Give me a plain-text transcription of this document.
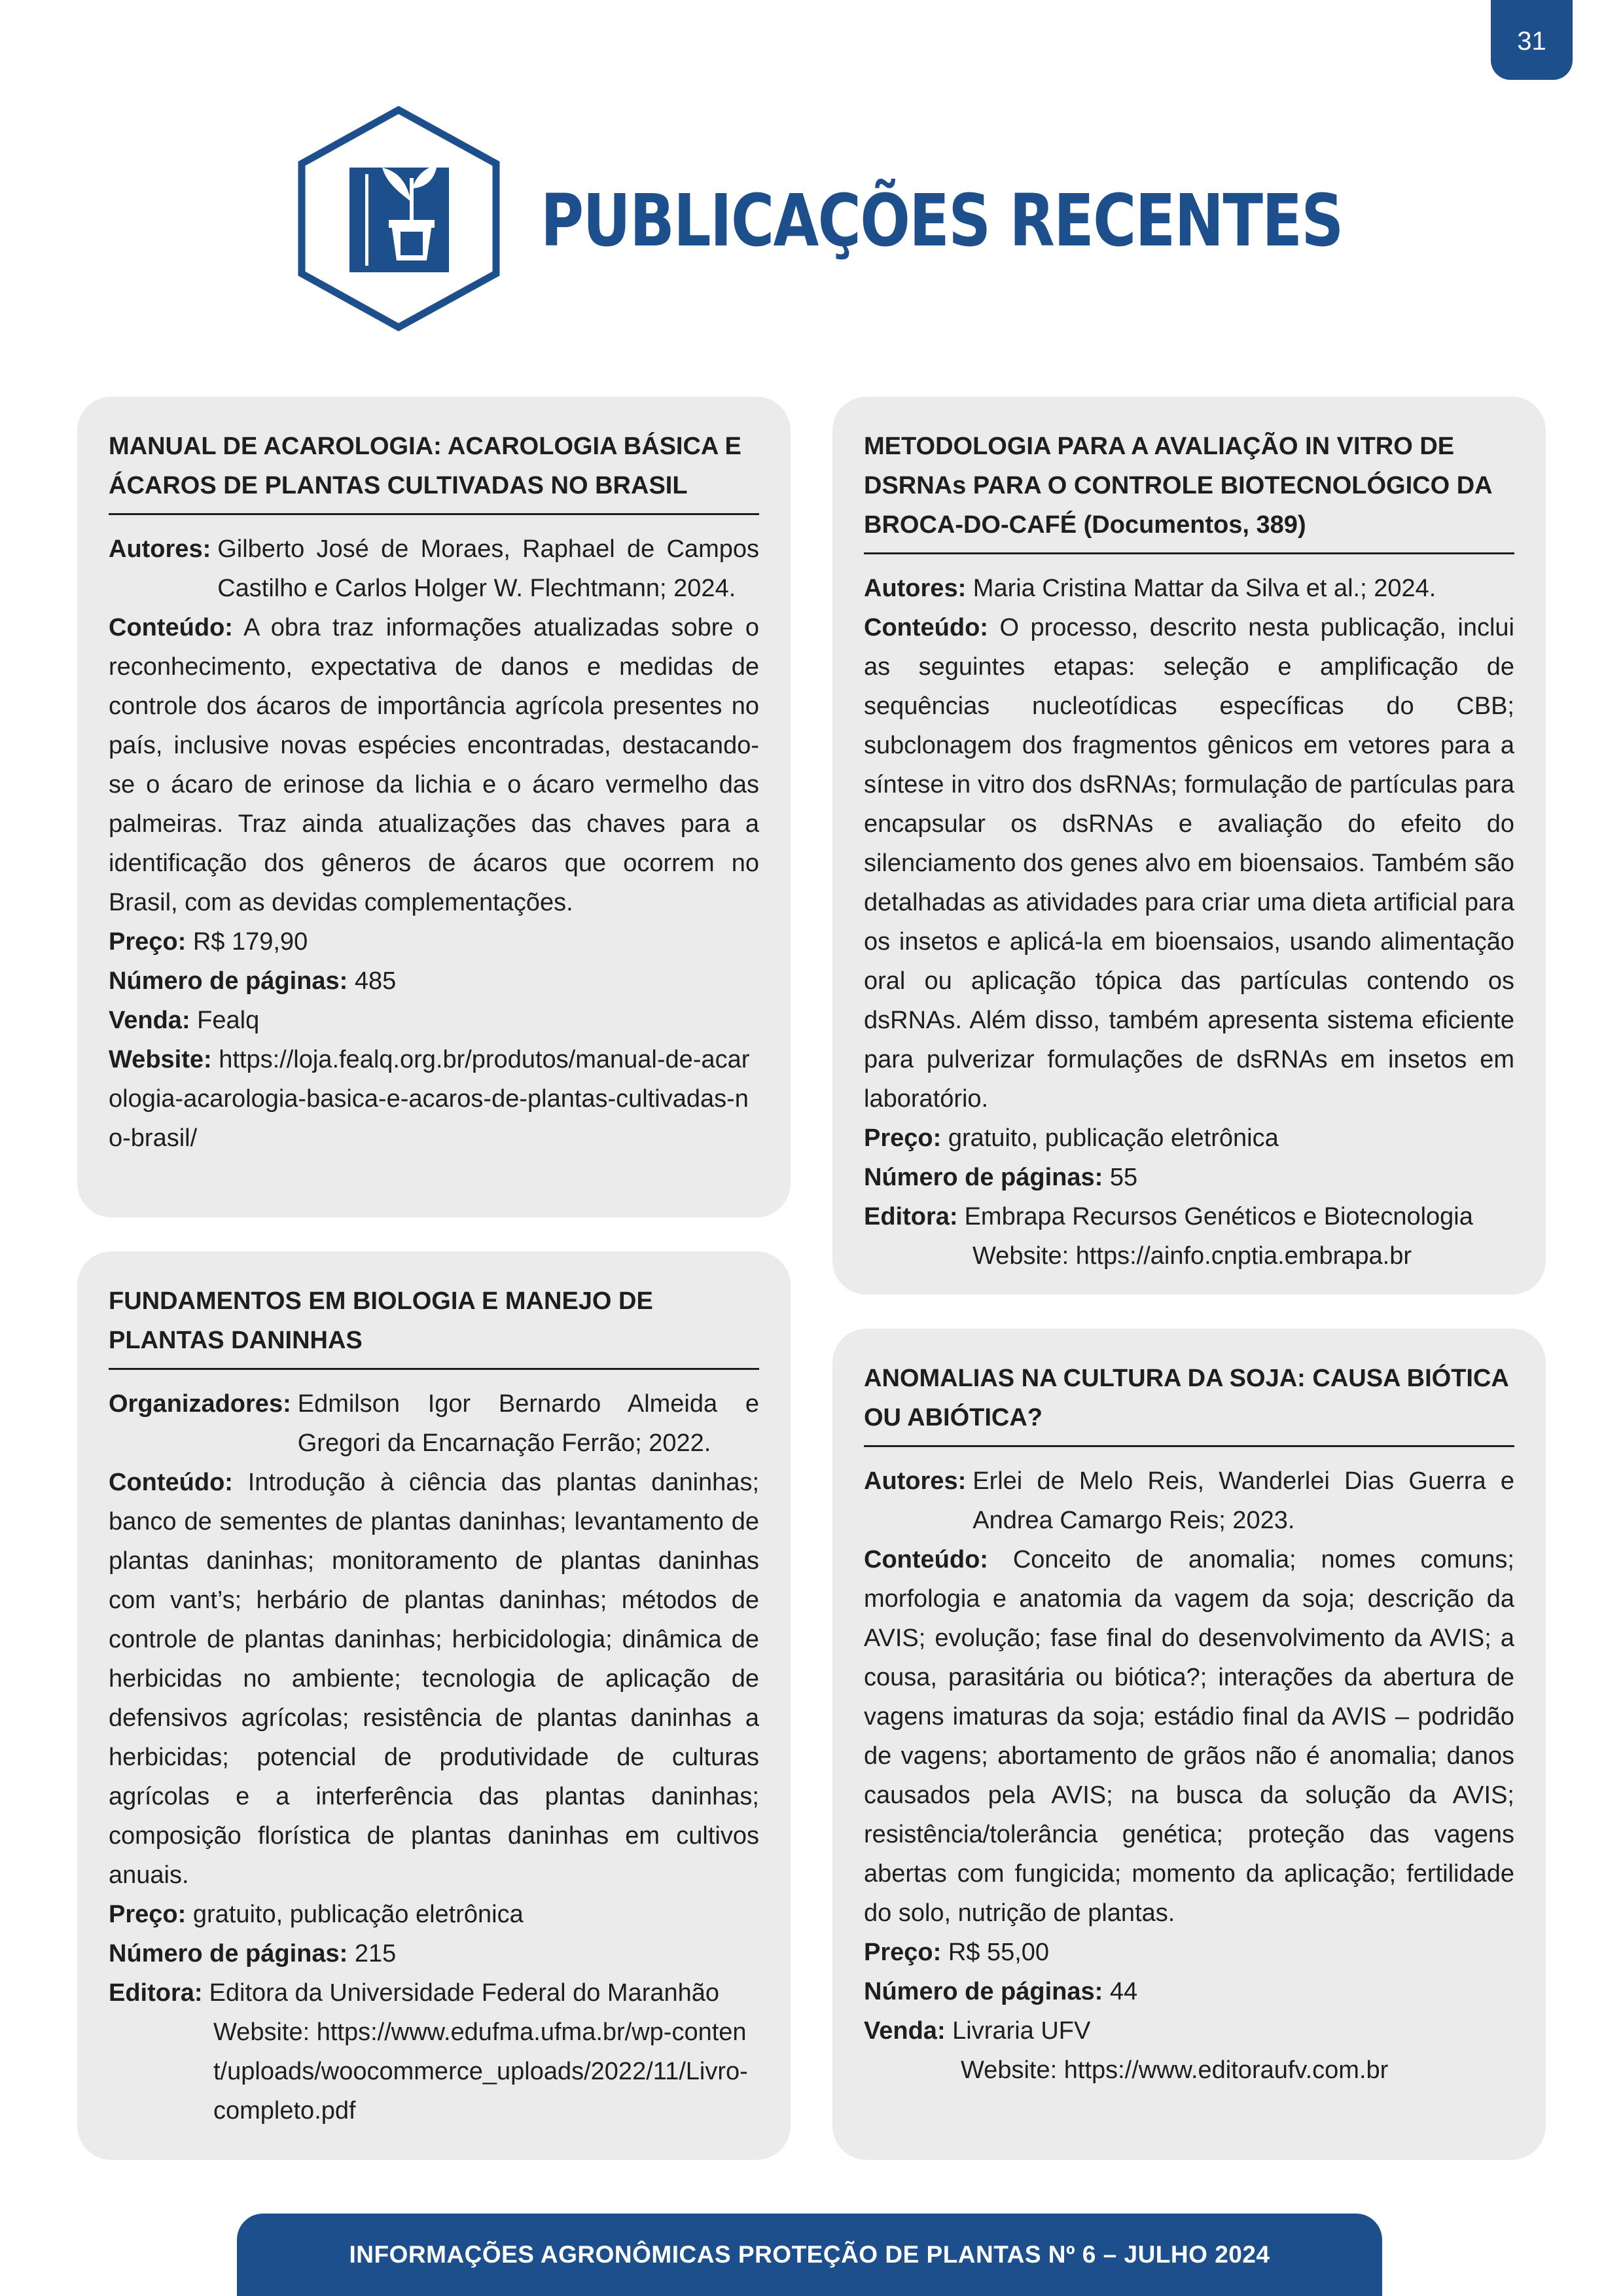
31
PUBLICAÇÕES RECENTES
MANUAL DE ACAROLOGIA: ACAROLOGIA BÁSICA E ÁCAROS DE PLANTAS CULTIVADAS NO BRASIL
Autores: Gilberto José de Moraes, Raphael de Campos Castilho e Carlos Holger W. Flechtmann; 2024.
Conteúdo: A obra traz informações atualizadas sobre o reconhecimento, expectativa de danos e medidas de controle dos ácaros de importância agrícola presentes no país, inclusive novas espécies encontradas, destacando-se o ácaro de erinose da lichia e o ácaro vermelho das palmeiras. Traz ainda atualizações das chaves para a identificação dos gêneros de ácaros que ocorrem no Brasil, com as devidas complementações.
Preço: R$ 179,90
Número de páginas: 485
Venda: Fealq
Website: https://loja.fealq.org.br/produtos/manual-de-acarologia-acarologia-basica-e-acaros-de-plantas-cultivadas-no-brasil/
METODOLOGIA PARA A AVALIAÇÃO IN VITRO DE DSRNAs PARA O CONTROLE BIOTECNOLÓGICO DA BROCA-DO-CAFÉ (Documentos, 389)
Autores: Maria Cristina Mattar da Silva et al.; 2024.
Conteúdo: O processo, descrito nesta publicação, inclui as seguintes etapas: seleção e amplificação de sequências nucleotídicas específicas do CBB; subclonagem dos fragmentos gênicos em vetores para a síntese in vitro dos dsRNAs; formulação de partículas para encapsular os dsRNAs e avaliação do efeito do silenciamento dos genes alvo em bioensaios. Também são detalhadas as atividades para criar uma dieta artificial para os insetos e aplicá-la em bioensaios, usando alimentação oral ou aplicação tópica das partículas contendo os dsRNAs. Além disso, também apresenta sistema eficiente para pulverizar formulações de dsRNAs em insetos em laboratório.
Preço: gratuito, publicação eletrônica
Número de páginas: 55
Editora: Embrapa Recursos Genéticos e Biotecnologia
Website: https://ainfo.cnptia.embrapa.br
FUNDAMENTOS EM BIOLOGIA E MANEJO DE PLANTAS DANINHAS
Organizadores: Edmilson Igor Bernardo Almeida e Gregori da Encarnação Ferrão; 2022.
Conteúdo: Introdução à ciência das plantas daninhas; banco de sementes de plantas daninhas; levantamento de plantas daninhas; monitoramento de plantas daninhas com vant’s; herbário de plantas daninhas; métodos de controle de plantas daninhas; herbicidologia; dinâmica de herbicidas no ambiente; tecnologia de aplicação de defensivos agrícolas; resistência de plantas daninhas a herbicidas; potencial de produtividade de culturas agrícolas e a interferência das plantas daninhas; composição florística de plantas daninhas em cultivos anuais.
Preço: gratuito, publicação eletrônica
Número de páginas: 215
Editora: Editora da Universidade Federal do Maranhão
Website: https://www.edufma.ufma.br/wp-content/uploads/woocommerce_uploads/2022/11/Livro-completo.pdf
ANOMALIAS NA CULTURA DA SOJA: CAUSA BIÓTICA OU ABIÓTICA?
Autores: Erlei de Melo Reis, Wanderlei Dias Guerra e Andrea Camargo Reis; 2023.
Conteúdo: Conceito de anomalia; nomes comuns; morfologia e anatomia da vagem da soja; descrição da AVIS; evolução; fase final do desenvolvimento da AVIS; a cousa, parasitária ou biótica?; interações da abertura de vagens imaturas da soja; estádio final da AVIS – podridão de vagens; abortamento de grãos não é anomalia; danos causados pela AVIS; na busca da solução da AVIS; resistência/tolerância genética; proteção das vagens abertas com fungicida; momento da aplicação; fertilidade do solo, nutrição de plantas.
Preço: R$ 55,00
Número de páginas: 44
Venda: Livraria UFV
Website: https://www.editoraufv.com.br
INFORMAÇÕES AGRONÔMICAS PROTEÇÃO DE PLANTAS Nº 6 – JULHO 2024
